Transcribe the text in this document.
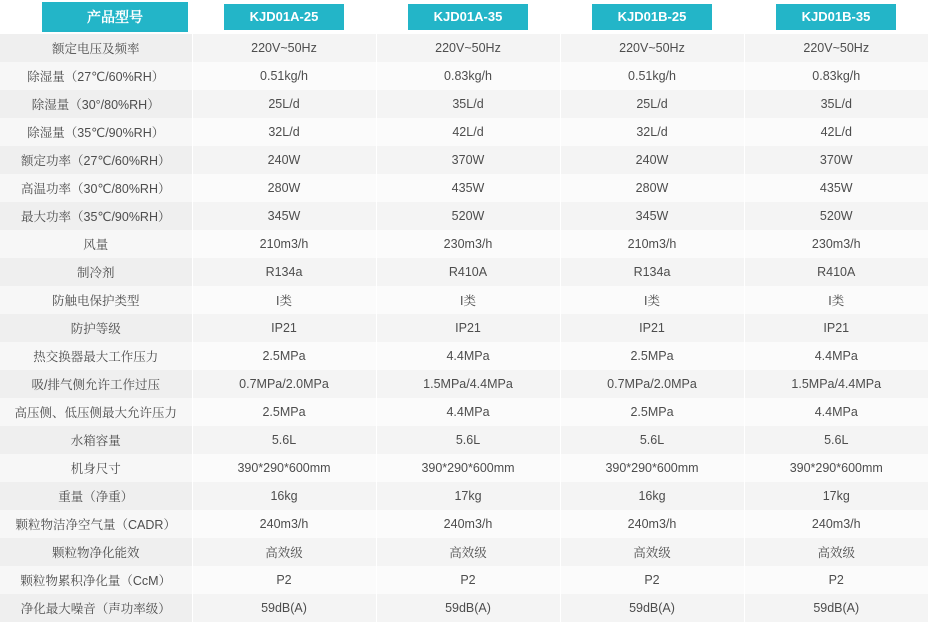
产品型号	KJD01A-25	KJD01A-35	KJD01B-25	KJD01B-35

额定电压及频率	220V~50Hz	220V~50Hz	220V~50Hz	220V~50Hz
除湿量（27℃/60%RH）	0.51kg/h	0.83kg/h	0.51kg/h	0.83kg/h
除湿量（30°/80%RH）	25L/d	35L/d	25L/d	35L/d
除湿量（35℃/90%RH）	32L/d	42L/d	32L/d	42L/d
额定功率（27℃/60%RH）	240W	370W	240W	370W
高温功率（30℃/80%RH）	280W	435W	280W	435W
最大功率（35℃/90%RH）	345W	520W	345W	520W
风量	210m3/h	230m3/h	210m3/h	230m3/h
制冷剂	R134a	R410A	R134a	R410A
防触电保护类型	I类	I类	I类	I类
防护等级	IP21	IP21	IP21	IP21
热交换器最大工作压力	2.5MPa	4.4MPa	2.5MPa	4.4MPa
吸/排气侧允许工作过压	0.7MPa/2.0MPa	1.5MPa/4.4MPa	0.7MPa/2.0MPa	1.5MPa/4.4MPa
高压侧、低压侧最大允许压力	2.5MPa	4.4MPa	2.5MPa	4.4MPa
水箱容量	5.6L	5.6L	5.6L	5.6L
机身尺寸	390*290*600mm	390*290*600mm	390*290*600mm	390*290*600mm
重量（净重）	16kg	17kg	16kg	17kg
颗粒物洁净空气量（CADR）	240m3/h	240m3/h	240m3/h	240m3/h
颗粒物净化能效	高效级	高效级	高效级	高效级
颗粒物累积净化量（CcM）	P2	P2	P2	P2
净化最大噪音（声功率级）	59dB(A)	59dB(A)	59dB(A)	59dB(A)
